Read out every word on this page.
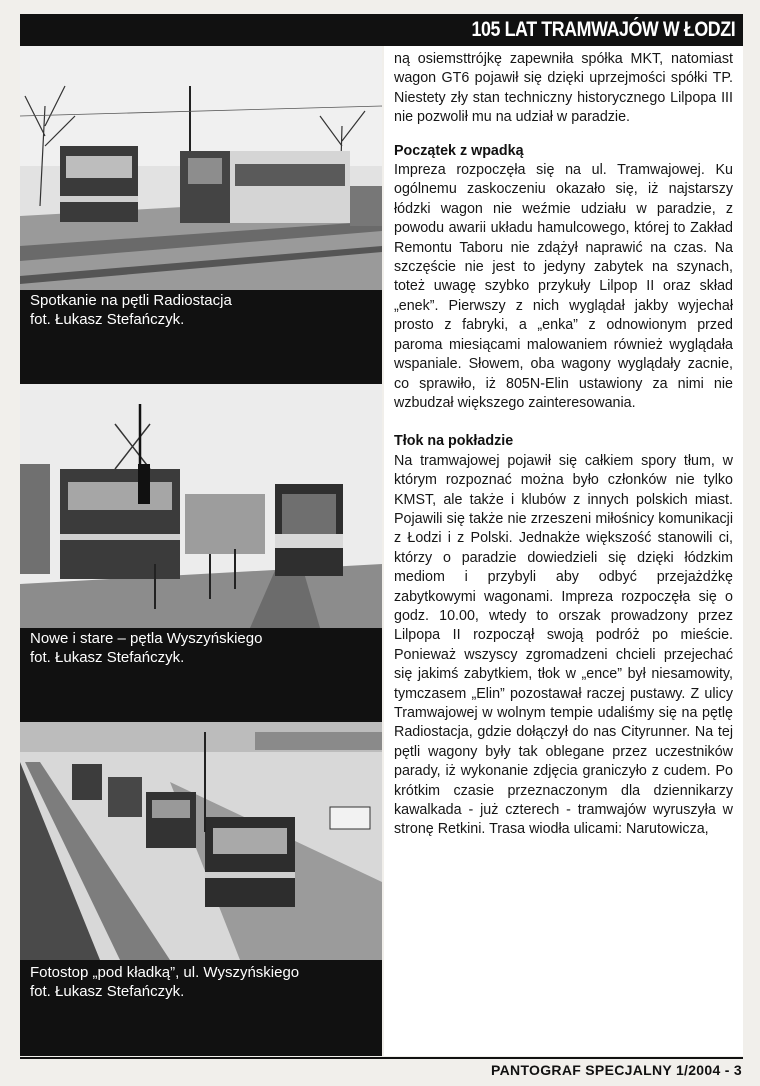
105 LAT TRAMWAJÓW W ŁODZI
Spotkanie na pętli Radiostacja
fot. Łukasz Stefańczyk.
Nowe i stare – pętla Wyszyńskiego
fot. Łukasz Stefańczyk.
Fotostop „pod kładką”, ul. Wyszyńskiego
fot. Łukasz Stefańczyk.

ną osiemsttrójkę zapewniła spółka MKT, natomiast wagon GT6 pojawił się dzięki uprzejmości spółki TP. Niestety zły stan techniczny historycznego Lilpopa III nie pozwolił mu na udział w paradzie.

Początek z wpadką

Impreza rozpoczęła się na ul. Tramwajowej. Ku ogólnemu zaskoczeniu okazało się, iż najstarszy łódzki wagon nie weźmie udziału w paradzie, z powodu awarii układu hamulcowego, której to Zakład Remontu Taboru nie zdążył naprawić na czas. Na szczęście nie jest to jedyny zabytek na szynach, toteż uwagę szybko przykuły Lilpop II oraz skład „enek”. Pierwszy z nich wyglądał jakby wyjechał prosto z fabryki, a „enka” z odnowionym przed paroma miesiącami malowaniem również wyglądała wspaniale. Słowem, oba wagony wyglądały zacnie, co sprawiło, iż 805N-Elin ustawiony za nimi nie wzbudzał większego zainteresowania.

Tłok na pokładzie

Na tramwajowej pojawił się całkiem spory tłum, w którym rozpoznać można było członków nie tylko KMST, ale także i klubów z innych polskich miast. Pojawili się także nie zrzeszeni miłośnicy komunikacji z Łodzi i z Polski. Jednakże większość stanowili ci, którzy o paradzie dowiedzieli się dzięki łódzkim mediom i przybyli aby odbyć przejażdżkę zabytkowymi wagonami. Impreza rozpoczęła się o godz. 10.00, wtedy to orszak prowadzony przez Lilpopa II rozpoczął swoją podróż po mieście. Ponieważ wszyscy zgromadzeni chcieli przejechać się jakimś zabytkiem, tłok w „ence” był niesamowity, tymczasem „Elin” pozostawał raczej pustawy. Z ulicy Tramwajowej w wolnym tempie udaliśmy się na pętlę Radiostacja, gdzie dołączył do nas Cityrunner. Na tej pętli wagony były tak oblegane przez uczestników parady, iż wykonanie zdjęcia graniczyło z cudem. Po krótkim czasie przeznaczonym dla dziennikarzy kawalkada - już czterech - tramwajów wyruszyła w stronę Retkini. Trasa wiodła ulicami: Narutowicza,

PANTOGRAF SPECJALNY 1/2004 - 3
